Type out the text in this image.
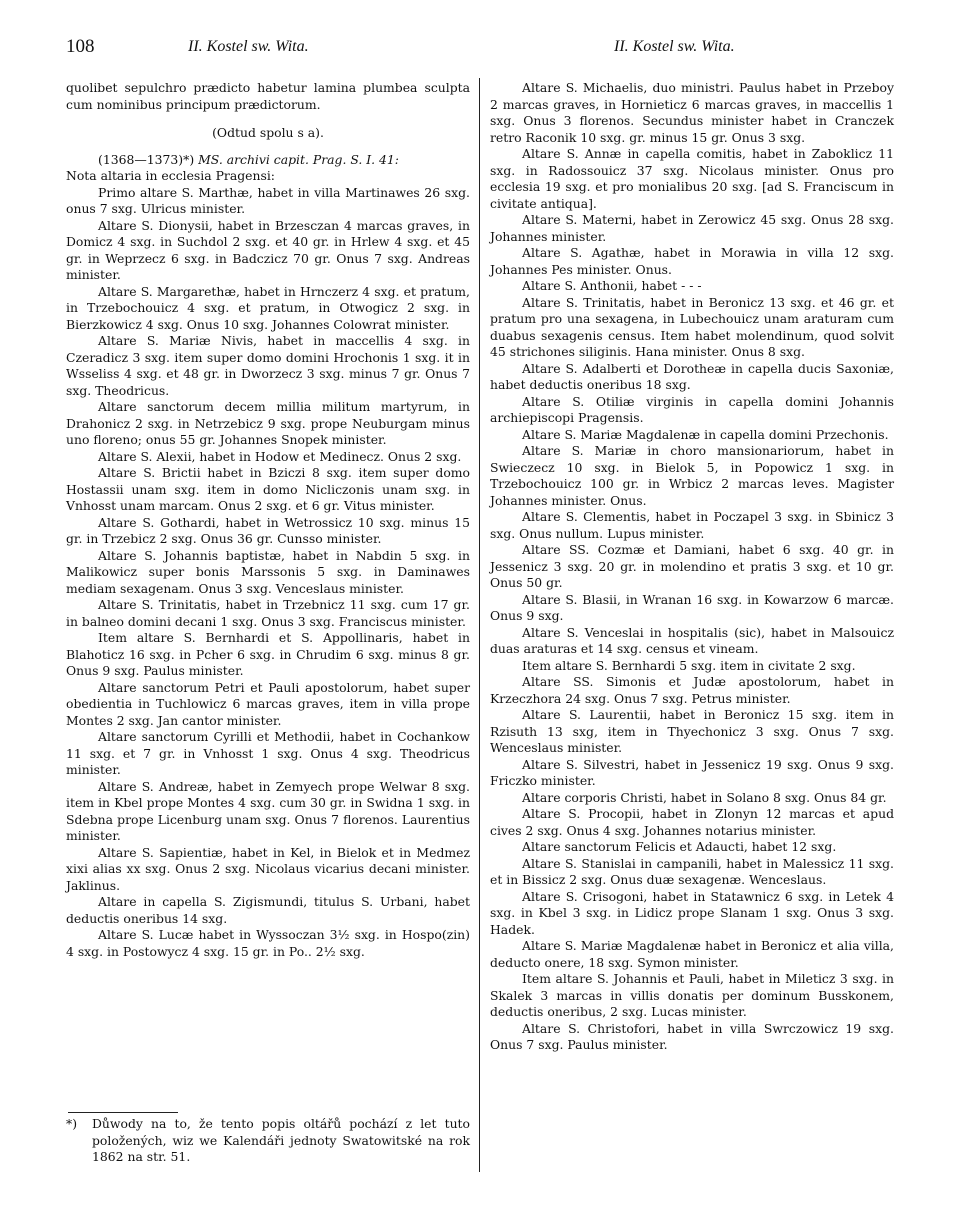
108	II. Kostel sw. Wita.	II. Kostel sw. Wita.

quolibet sepulchro prædicto habetur lamina plumbea sculpta cum nominibus principum prædictorum.

(Odtud spolu s a).

(1368—1373)*) MS. archivi capit. Prag. S. I. 41:

Nota altaria in ecclesia Pragensi:

Primo altare S. Marthæ, habet in villa Martinawes 26 sxg. onus 7 sxg. Ulricus minister.

Altare S. Dionysii, habet in Brzesczan 4 marcas graves, in Domicz 4 sxg. in Suchdol 2 sxg. et 40 gr. in Hrlew 4 sxg. et 45 gr. in Weprzecz 6 sxg. in Badczicz 70 gr. Onus 7 sxg. Andreas minister.

Altare S. Margarethæ, habet in Hrnczerz 4 sxg. et pratum, in Trzebochouicz 4 sxg. et pratum, in Otwogicz 2 sxg. in Bierzkowicz 4 sxg. Onus 10 sxg. Johannes Colowrat minister.

Altare S. Mariæ Nivis, habet in maccellis 4 sxg. in Czeradicz 3 sxg. item super domo domini Hrochonis 1 sxg. it in Wsseliss 4 sxg. et 48 gr. in Dworzecz 3 sxg. minus 7 gr. Onus 7 sxg. Theodricus.

Altare sanctorum decem millia militum martyrum, in Drahonicz 2 sxg. in Netrzebicz 9 sxg. prope Neuburgam minus uno floreno; onus 55 gr. Johannes Snopek minister.

Altare S. Alexii, habet in Hodow et Medinecz. Onus 2 sxg.

Altare S. Brictii habet in Bziczi 8 sxg. item super domo Hostassii unam sxg. item in domo Nicliczonis unam sxg. in Vnhosst unam marcam. Onus 2 sxg. et 6 gr. Vitus minister.

Altare S. Gothardi, habet in Wetrossicz 10 sxg. minus 15 gr. in Trzebicz 2 sxg. Onus 36 gr. Cunsso minister.

Altare S. Johannis baptistæ, habet in Nabdin 5 sxg. in Malikowicz super bonis Marssonis 5 sxg. in Daminawes mediam sexagenam. Onus 3 sxg. Venceslaus minister.

Altare S. Trinitatis, habet in Trzebnicz 11 sxg. cum 17 gr. in balneo domini decani 1 sxg. Onus 3 sxg. Franciscus minister.

Item altare S. Bernhardi et S. Appollinaris, habet in Blahoticz 16 sxg. in Pcher 6 sxg. in Chrudim 6 sxg. minus 8 gr. Onus 9 sxg. Paulus minister.

Altare sanctorum Petri et Pauli apostolorum, habet super obedientia in Tuchlowicz 6 marcas graves, item in villa prope Montes 2 sxg. Jan cantor minister.

Altare sanctorum Cyrilli et Methodii, habet in Cochankow 11 sxg. et 7 gr. in Vnhosst 1 sxg. Onus 4 sxg. Theodricus minister.

Altare S. Andreæ, habet in Zemyech prope Welwar 8 sxg. item in Kbel prope Montes 4 sxg. cum 30 gr. in Swidna 1 sxg. in Sdebna prope Licenburg unam sxg. Onus 7 florenos. Laurentius minister.

Altare S. Sapientiæ, habet in Kel, in Bielok et in Medmez xixi alias xx sxg. Onus 2 sxg. Nicolaus vicarius decani minister. Jaklinus.

Altare in capella S. Zigismundi, titulus S. Urbani, habet deductis oneribus 14 sxg.

Altare S. Lucæ habet in Wyssoczan 3½ sxg. in Hospo(zin) 4 sxg. in Postowycz 4 sxg. 15 gr. in Po.. 2½ sxg.

*) Důwody na to, že tento popis oltářů pochází z let tuto položených, wiz we Kalendáři jednoty Swatowitské na rok 1862 na str. 51.

Altare S. Michaelis, duo ministri. Paulus habet in Przeboy 2 marcas graves, in Hornieticz 6 marcas graves, in maccellis 1 sxg. Onus 3 florenos. Secundus minister habet in Cranczek retro Raconik 10 sxg. gr. minus 15 gr. Onus 3 sxg.

Altare S. Annæ in capella comitis, habet in Zaboklicz 11 sxg. in Radossouicz 37 sxg. Nicolaus minister. Onus pro ecclesia 19 sxg. et pro monialibus 20 sxg. [ad S. Franciscum in civitate antiqua].

Altare S. Materni, habet in Zerowicz 45 sxg. Onus 28 sxg. Johannes minister.

Altare S. Agathæ, habet in Morawia in villa 12 sxg. Johannes Pes minister. Onus.

Altare S. Anthonii, habet - - -

Altare S. Trinitatis, habet in Beronicz 13 sxg. et 46 gr. et pratum pro una sexagena, in Lubechouicz unam araturam cum duabus sexagenis census. Item habet molendinum, quod solvit 45 strichones siliginis. Hana minister. Onus 8 sxg.

Altare S. Adalberti et Dorotheæ in capella ducis Saxoniæ, habet deductis oneribus 18 sxg.

Altare S. Otiliæ virginis in capella domini Johannis archiepiscopi Pragensis.

Altare S. Mariæ Magdalenæ in capella domini Przechonis.

Altare S. Mariæ in choro mansionariorum, habet in Swieczecz 10 sxg. in Bielok 5, in Popowicz 1 sxg. in Trzebochouicz 100 gr. in Wrbicz 2 marcas leves. Magister Johannes minister. Onus.

Altare S. Clementis, habet in Poczapel 3 sxg. in Sbinicz 3 sxg. Onus nullum. Lupus minister.

Altare SS. Cozmæ et Damiani, habet 6 sxg. 40 gr. in Jessenicz 3 sxg. 20 gr. in molendino et pratis 3 sxg. et 10 gr. Onus 50 gr.

Altare S. Blasii, in Wranan 16 sxg. in Kowarzow 6 marcæ. Onus 9 sxg.

Altare S. Venceslai in hospitalis (sic), habet in Malsouicz duas araturas et 14 sxg. census et vineam.

Item altare S. Bernhardi 5 sxg. item in civitate 2 sxg.

Altare SS. Simonis et Judæ apostolorum, habet in Krzeczhora 24 sxg. Onus 7 sxg. Petrus minister.

Altare S. Laurentii, habet in Beronicz 15 sxg. item in Rzisuth 13 sxg, item in Thyechonicz 3 sxg. Onus 7 sxg. Wenceslaus minister.

Altare S. Silvestri, habet in Jessenicz 19 sxg. Onus 9 sxg. Friczko minister.

Altare corporis Christi, habet in Solano 8 sxg. Onus 84 gr.

Altare S. Procopii, habet in Zlonyn 12 marcas et apud cives 2 sxg. Onus 4 sxg. Johannes notarius minister.

Altare sanctorum Felicis et Adaucti, habet 12 sxg.

Altare S. Stanislai in campanili, habet in Malessicz 11 sxg. et in Bissicz 2 sxg. Onus duæ sexagenæ. Wenceslaus.

Altare S. Crisogoni, habet in Statawnicz 6 sxg. in Letek 4 sxg. in Kbel 3 sxg. in Lidicz prope Slanam 1 sxg. Onus 3 sxg. Hadek.

Altare S. Mariæ Magdalenæ habet in Beronicz et alia villa, deducto onere, 18 sxg. Symon minister.

Item altare S. Johannis et Pauli, habet in Mileticz 3 sxg. in Skalek 3 marcas in villis donatis per dominum Busskonem, deductis oneribus, 2 sxg. Lucas minister.

Altare S. Christofori, habet in villa Swrczowicz 19 sxg. Onus 7 sxg. Paulus minister.
